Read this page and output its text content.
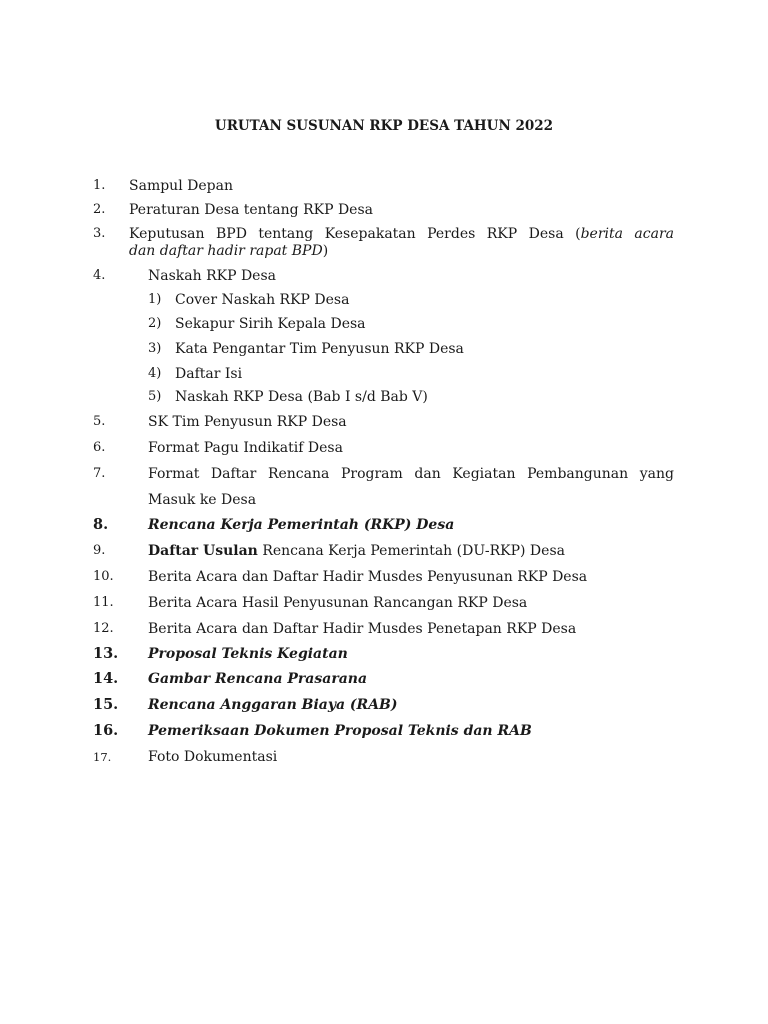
URUTAN SUSUNAN RKP DESA TAHUN 2022
1. Sampul Depan
2. Peraturan Desa tentang RKP Desa
3. Keputusan BPD tentang Kesepakatan Perdes RKP Desa (berita acara
dan daftar hadir rapat BPD)
4.	Naskah RKP Desa
1) Cover Naskah RKP Desa
2) Sekapur Sirih Kepala Desa
3) Kata Pengantar Tim Penyusun RKP Desa
4) Daftar Isi
5) Naskah RKP Desa (Bab I s/d Bab V)
5.	SK Tim Penyusun RKP Desa
6.	Format Pagu Indikatif Desa
7.	Format Daftar Rencana Program dan Kegiatan Pembangunan yang
Masuk ke Desa
8.	Rencana Kerja Pemerintah (RKP) Desa
9.	Daftar Usulan Rencana Kerja Pemerintah (DU-RKP) Desa
10. Berita Acara dan Daftar Hadir Musdes Penyusunan RKP Desa
11. Berita Acara Hasil Penyusunan Rancangan RKP Desa
12. Berita Acara dan Daftar Hadir Musdes Penetapan RKP Desa
13. Proposal Teknis Kegiatan
14. Gambar Rencana Prasarana
15. Rencana Anggaran Biaya (RAB)
16. Pemeriksaan Dokumen Proposal Teknis dan RAB
17.	Foto Dokumentasi
